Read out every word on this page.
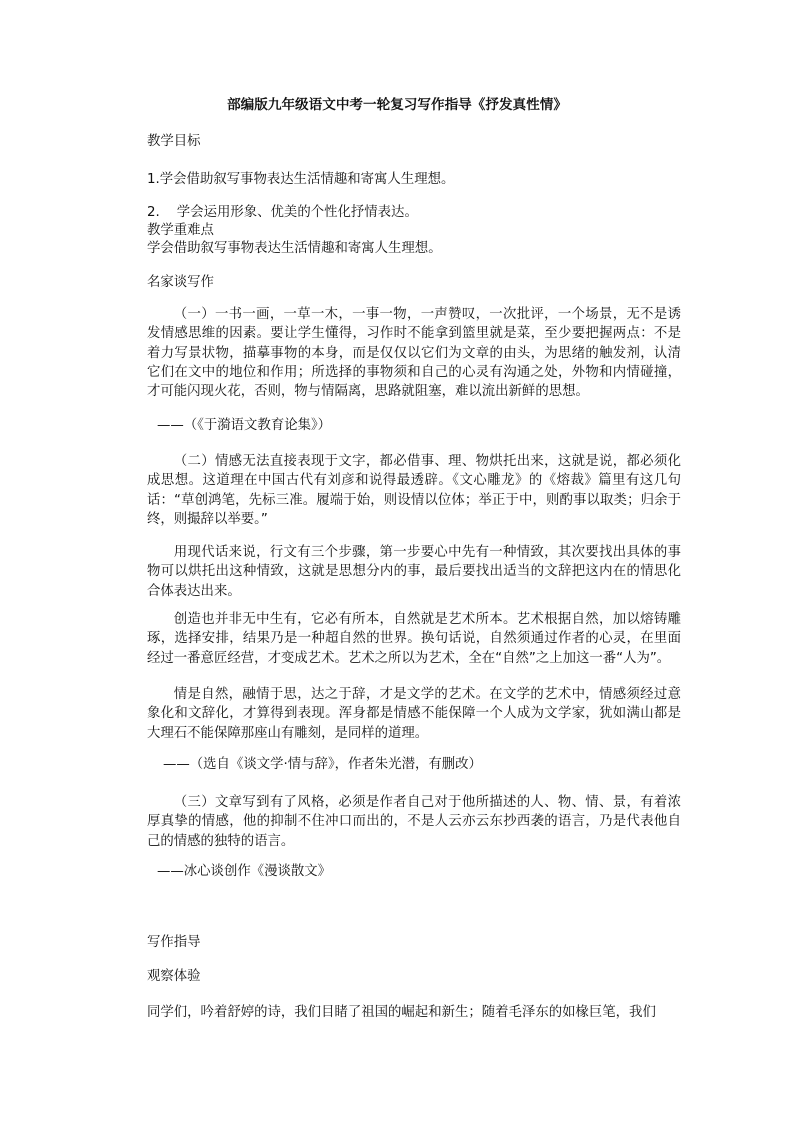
部编版九年级语文中考一轮复习写作指导《抒发真性情》

教学目标

1.学会借助叙写事物表达生活情趣和寄寓人生理想。

2.    学会运用形象、优美的个性化抒情表达。

教学重难点

学会借助叙写事物表达生活情趣和寄寓人生理想。

名家谈写作

（一）一书一画，一草一木，一事一物，一声赞叹，一次批评，一个场景，无不是诱发情感思维的因素。要让学生懂得，习作时不能拿到篮里就是菜，至少要把握两点：不是着力写景状物，描摹事物的本身，而是仅仅以它们为文章的由头，为思绪的触发剂，认清它们在文中的地位和作用；所选择的事物须和自己的心灵有沟通之处，外物和内情碰撞，才可能闪现火花，否则，物与情隔离，思路就阻塞，难以流出新鲜的思想。

——（《于漪语文教育论集》）

（二）情感无法直接表现于文字，都必借事、理、物烘托出来，这就是说，都必须化成思想。这道理在中国古代有刘彦和说得最透辟。《文心雕龙》的《熔裁》篇里有这几句话：“草创鸿笔，先标三准。履端于始，则设情以位体；举正于中，则酌事以取类；归余于终，则撮辞以举要。”

用现代话来说，行文有三个步骤，第一步要心中先有一种情致，其次要找出具体的事物可以烘托出这种情致，这就是思想分内的事，最后要找出适当的文辞把这内在的情思化合体表达出来。

创造也并非无中生有，它必有所本，自然就是艺术所本。艺术根据自然，加以熔铸雕琢，选择安排，结果乃是一种超自然的世界。换句话说，自然须通过作者的心灵，在里面经过一番意匠经营，才变成艺术。艺术之所以为艺术，全在“自然”之上加这一番“人为”。

情是自然，融情于思，达之于辞，才是文学的艺术。在文学的艺术中，情感须经过意象化和文辞化，才算得到表现。浑身都是情感不能保障一个人成为文学家，犹如满山都是大理石不能保障那座山有雕刻，是同样的道理。

——（选自《谈文学·情与辞》，作者朱光潜，有删改）

（三）文章写到有了风格，必须是作者自己对于他所描述的人、物、情、景，有着浓厚真挚的情感，他的抑制不住冲口而出的，不是人云亦云东抄西袭的语言，乃是代表他自己的情感的独特的语言。

——冰心谈创作《漫谈散文》

写作指导

观察体验

同学们，吟着舒婷的诗，我们目睹了祖国的崛起和新生；随着毛泽东的如椽巨笔，我们
